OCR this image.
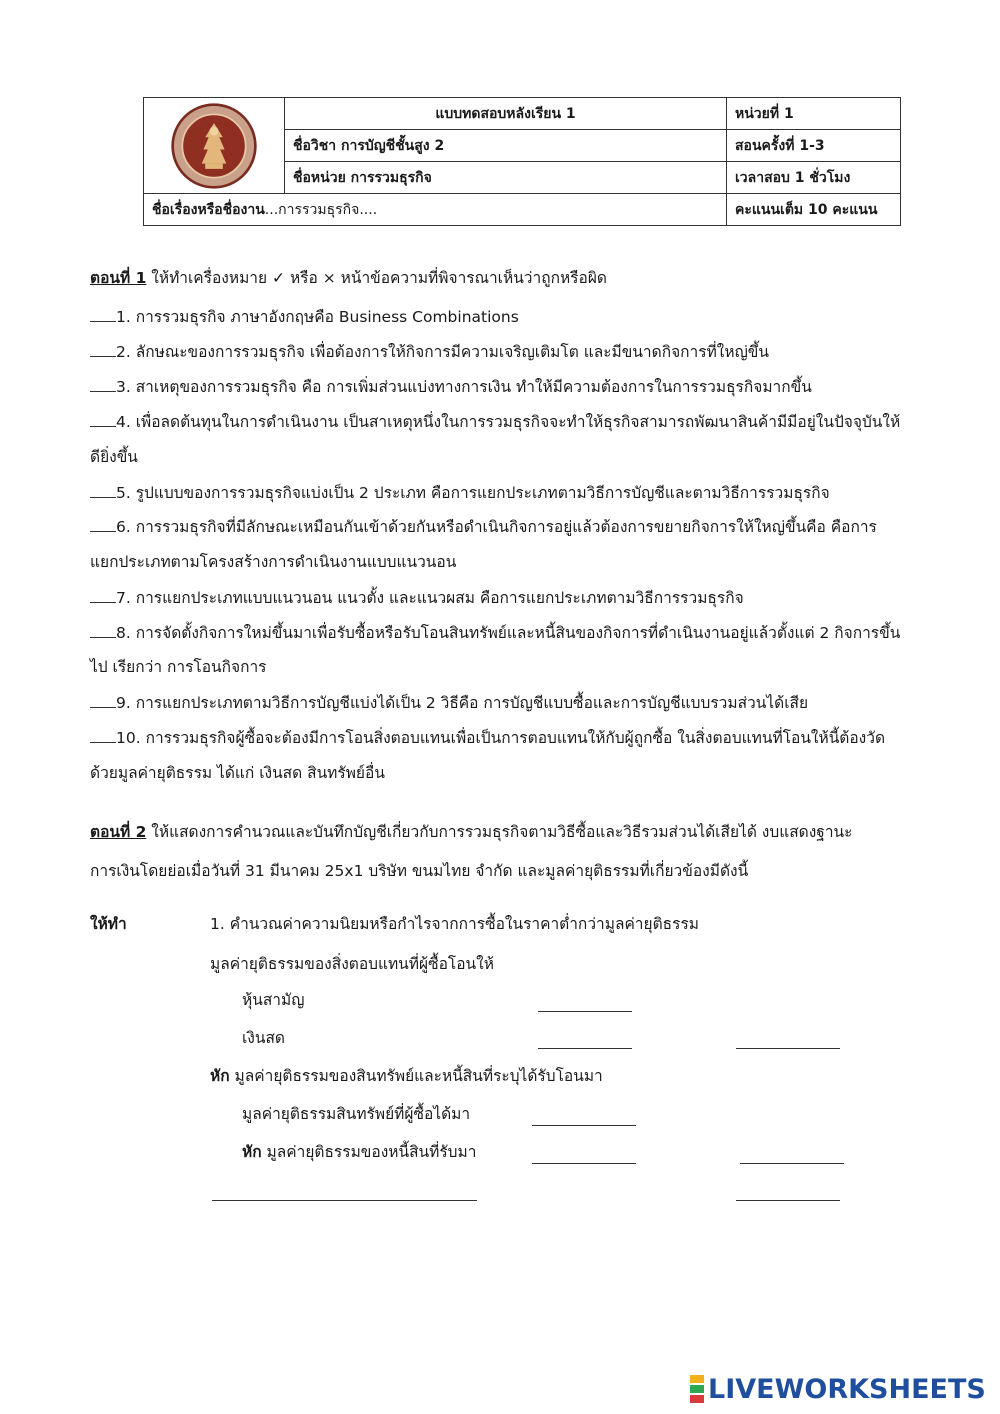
	แบบทดสอบหลังเรียน 1	หน่วยที่ 1
	ชื่อวิชา การบัญชีชั้นสูง 2	สอนครั้งที่ 1-3
	ชื่อหน่วย การรวมธุรกิจ	เวลาสอบ 1 ชั่วโมง
ชื่อเรื่องหรือชื่องาน...การรวมธุรกิจ....		คะแนนเต็ม 10 คะแนน
ตอนที่ 1 ให้ทำเครื่องหมาย ✓ หรือ × หน้าข้อความที่พิจารณาเห็นว่าถูกหรือผิด
1. การรวมธุรกิจ ภาษาอังกฤษคือ Business Combinations
2. ลักษณะของการรวมธุรกิจ เพื่อต้องการให้กิจการมีความเจริญเติมโต และมีขนาดกิจการที่ใหญ่ขึ้น
3. สาเหตุของการรวมธุรกิจ คือ การเพิ่มส่วนแบ่งทางการเงิน ทำให้มีความต้องการในการรวมธุรกิจมากขึ้น
4. เพื่อลดต้นทุนในการดำเนินงาน เป็นสาเหตุหนึ่งในการรวมธุรกิจจะทำให้ธุรกิจสามารถพัฒนาสินค้ามีมีอยู่ในปัจจุบันให้
ดียิ่งขึ้น
5. รูปแบบของการรวมธุรกิจแบ่งเป็น 2 ประเภท คือการแยกประเภทตามวิธีการบัญชีและตามวิธีการรวมธุรกิจ
6. การรวมธุรกิจที่มีลักษณะเหมือนกันเข้าด้วยกันหรือดำเนินกิจการอยู่แล้วต้องการขยายกิจการให้ใหญ่ขึ้นคือ คือการ
แยกประเภทตามโครงสร้างการดำเนินงานแบบแนวนอน
7. การแยกประเภทแบบแนวนอน แนวตั้ง และแนวผสม คือการแยกประเภทตามวิธีการรวมธุรกิจ
8. การจัดตั้งกิจการใหม่ขึ้นมาเพื่อรับซื้อหรือรับโอนสินทรัพย์และหนี้สินของกิจการที่ดำเนินงานอยู่แล้วตั้งแต่ 2 กิจการขึ้น
ไป เรียกว่า การโอนกิจการ
9. การแยกประเภทตามวิธีการบัญชีแบ่งได้เป็น 2 วิธีคือ การบัญชีแบบซื้อและการบัญชีแบบรวมส่วนได้เสีย
10. การรวมธุรกิจผู้ซื้อจะต้องมีการโอนสิ่งตอบแทนเพื่อเป็นการตอบแทนให้กับผู้ถูกซื้อ ในสิ่งตอบแทนที่โอนให้นี้ต้องวัด
ด้วยมูลค่ายุติธรรม ได้แก่ เงินสด สินทรัพย์อื่น
ตอนที่ 2 ให้แสดงการคำนวณและบันทึกบัญชีเกี่ยวกับการรวมธุรกิจตามวิธีซื้อและวิธีรวมส่วนได้เสียได้ งบแสดงฐานะ
การเงินโดยย่อเมื่อวันที่ 31 มีนาคม 25x1 บริษัท ขนมไทย จำกัด และมูลค่ายุติธรรมที่เกี่ยวข้องมีดังนี้
ให้ทำ	1. คำนวณค่าความนิยมหรือกำไรจากการซื้อในราคาต่ำกว่ามูลค่ายุติธรรม
มูลค่ายุติธรรมของสิ่งตอบแทนที่ผู้ซื้อโอนให้
หุ้นสามัญ
เงินสด
หัก มูลค่ายุติธรรมของสินทรัพย์และหนี้สินที่ระบุได้รับโอนมา
มูลค่ายุติธรรมสินทรัพย์ที่ผู้ซื้อได้มา
หัก มูลค่ายุติธรรมของหนี้สินที่รับมา
LIVEWORKSHEETS
